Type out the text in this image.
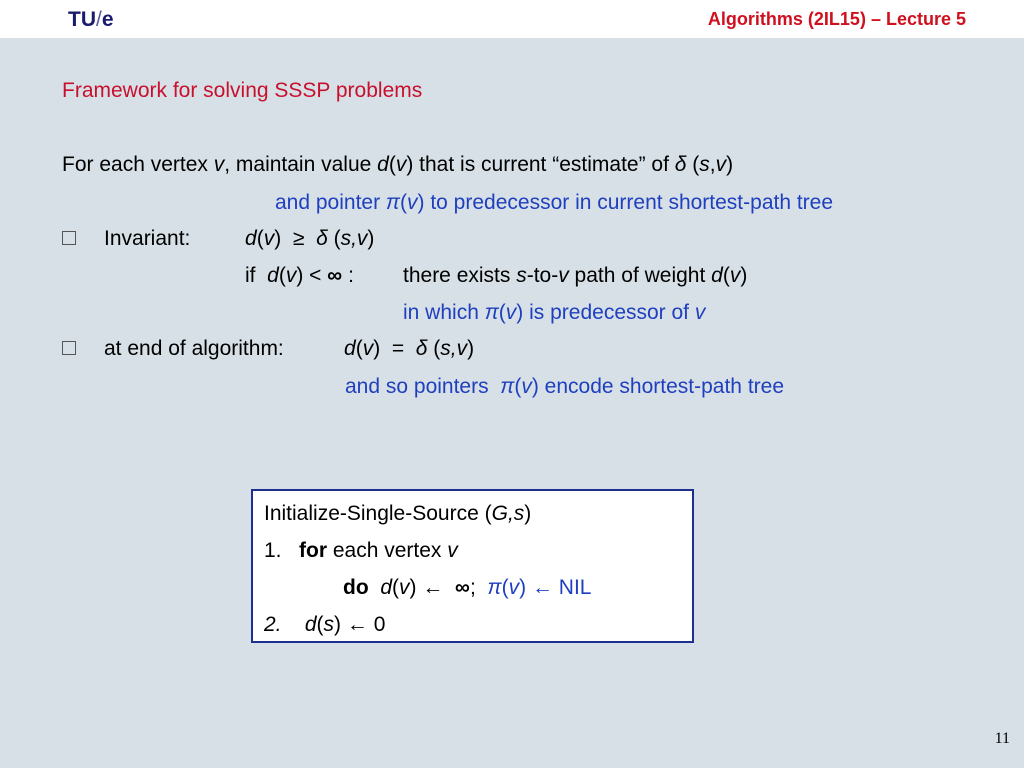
TU/e	Algorithms (2IL15) – Lecture 5
Framework for solving SSSP problems
For each vertex v, maintain value d(v) that is current “estimate” of δ (s,v)
and pointer π(v) to predecessor in current shortest-path tree
Invariant:	d(v) ≥ δ (s,v)
if d(v) < ∞ : there exists s-to-v path of weight d(v)
in which π(v) is predecessor of v
at end of algorithm:	d(v) = δ (s,v)
and so pointers  π(v) encode shortest-path tree
Initialize-Single-Source (G,s)
1. for each vertex v
do d(v) ← ∞; π(v) ← NIL
2. d(s) ← 0
11
